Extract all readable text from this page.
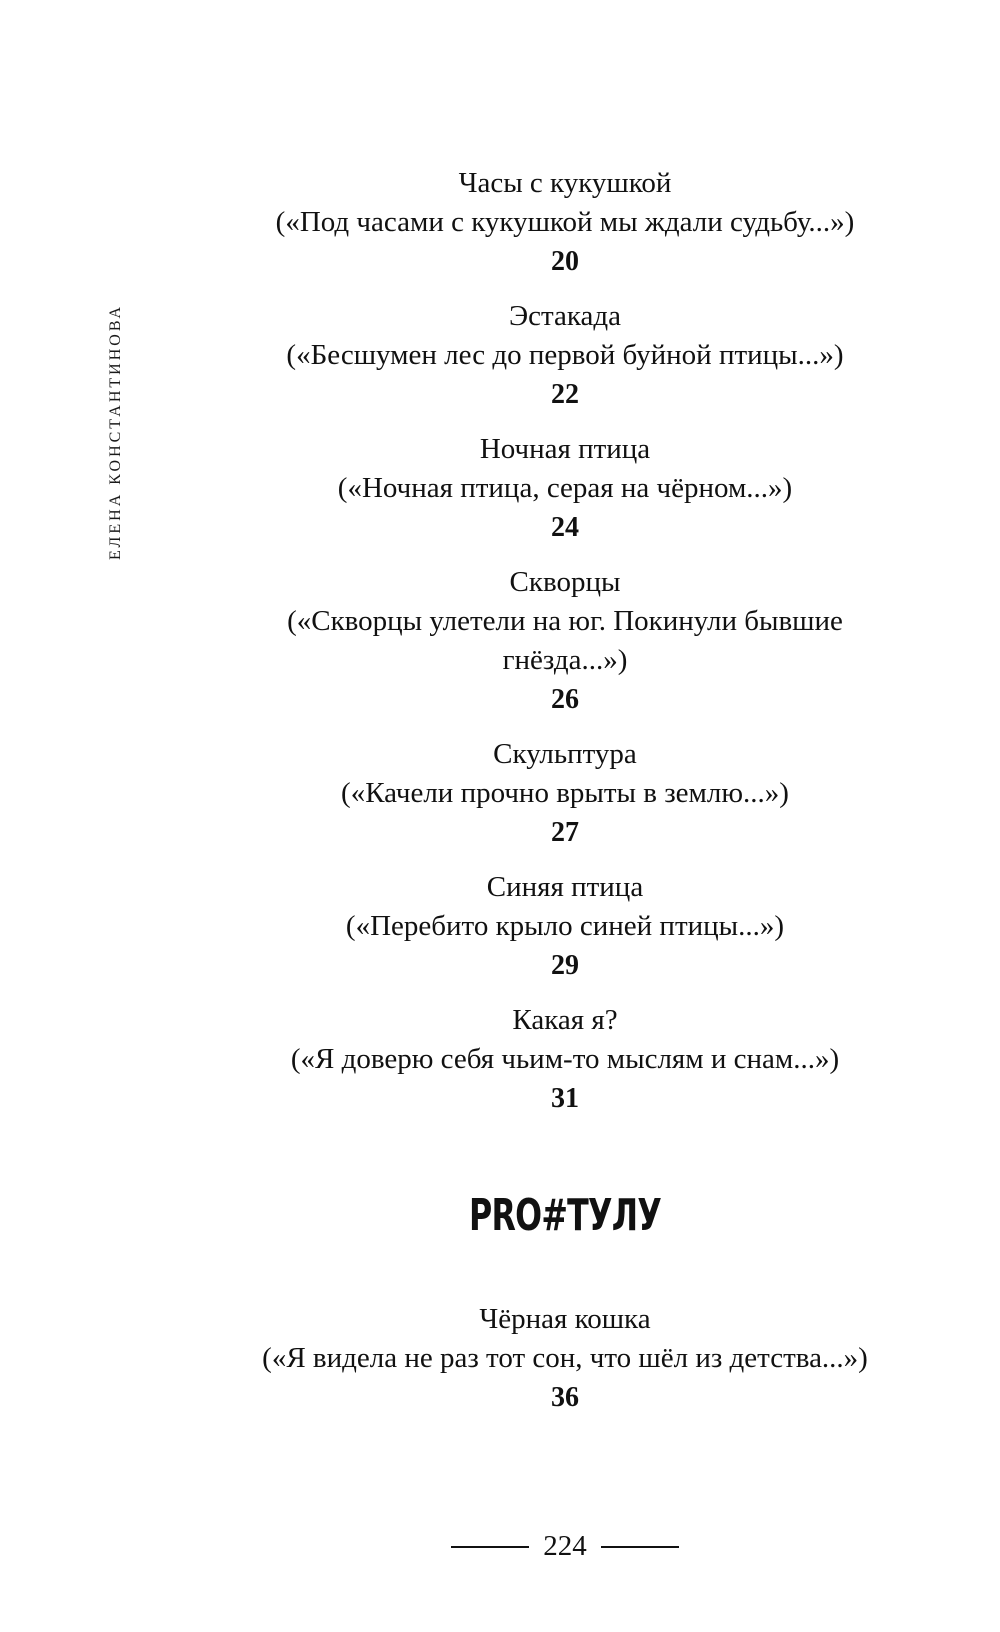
ЕЛЕНА КОНСТАНТИНОВА
Часы с кукушкой
(«Под часами с кукушкой мы ждали судьбу...»)
20
Эстакада
(«Бесшумен лес до первой буйной птицы...»)
22
Ночная птица
(«Ночная птица, серая на чёрном...»)
24
Скворцы
(«Скворцы улетели на юг. Покинули бывшие гнёзда...»)
26
Скульптура
(«Качели прочно врыты в землю...»)
27
Синяя птица
(«Перебито крыло синей птицы...»)
29
Какая я?
(«Я доверю себя чьим-то мыслям и снам...»)
31
PRO#ТУЛУ
Чёрная кошка
(«Я видела не раз тот сон, что шёл из детства...»)
36
224
